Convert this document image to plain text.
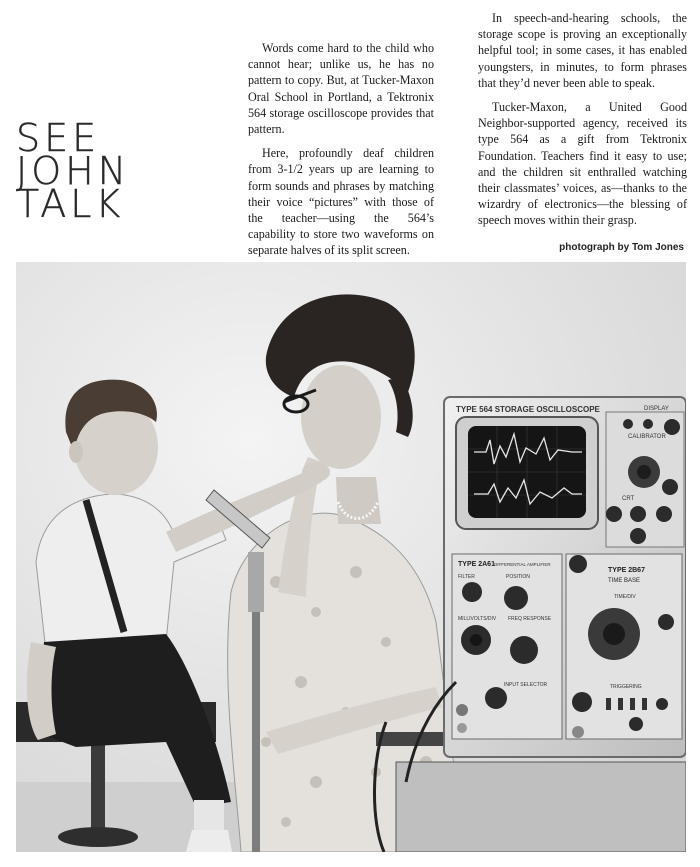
SEE
JOHN
TALK

Words come hard to the child who cannot hear; unlike us, he has no pattern to copy. But, at Tucker-Maxon Oral School in Portland, a Tektronix 564 storage oscilloscope provides that pattern.

Here, profoundly deaf children from 3-1/2 years up are learning to form sounds and phrases by matching their voice “pictures” with those of the teacher—using the 564’s capability to store two waveforms on separate halves of its split screen.

In speech-and-hearing schools, the storage scope is proving an exceptionally helpful tool; in some cases, it has enabled youngsters, in minutes, to form phrases that they’d never been able to speak.

Tucker-Maxon, a United Good Neighbor-supported agency, received its type 564 as a gift from Tektronix Foundation. Teachers find it easy to use; and the children sit enthralled watching their classmates’ voices, as—thanks to the wizardry of electronics—the blessing of speech moves within their grasp.

photograph by Tom Jones
TYPE 564 STORAGE OSCILLOSCOPE	DISPLAY
CALIBRATOR
CRT
TYPE 2A61 DIFFERENTIAL AMPLIFIER
FILTER	POSITION
MILLIVOLTS/DIV FREQ RESPONSE
INPUT SELECTOR
TYPE 2B67
TIME BASE
TIME/DIV
TRIGGERING
